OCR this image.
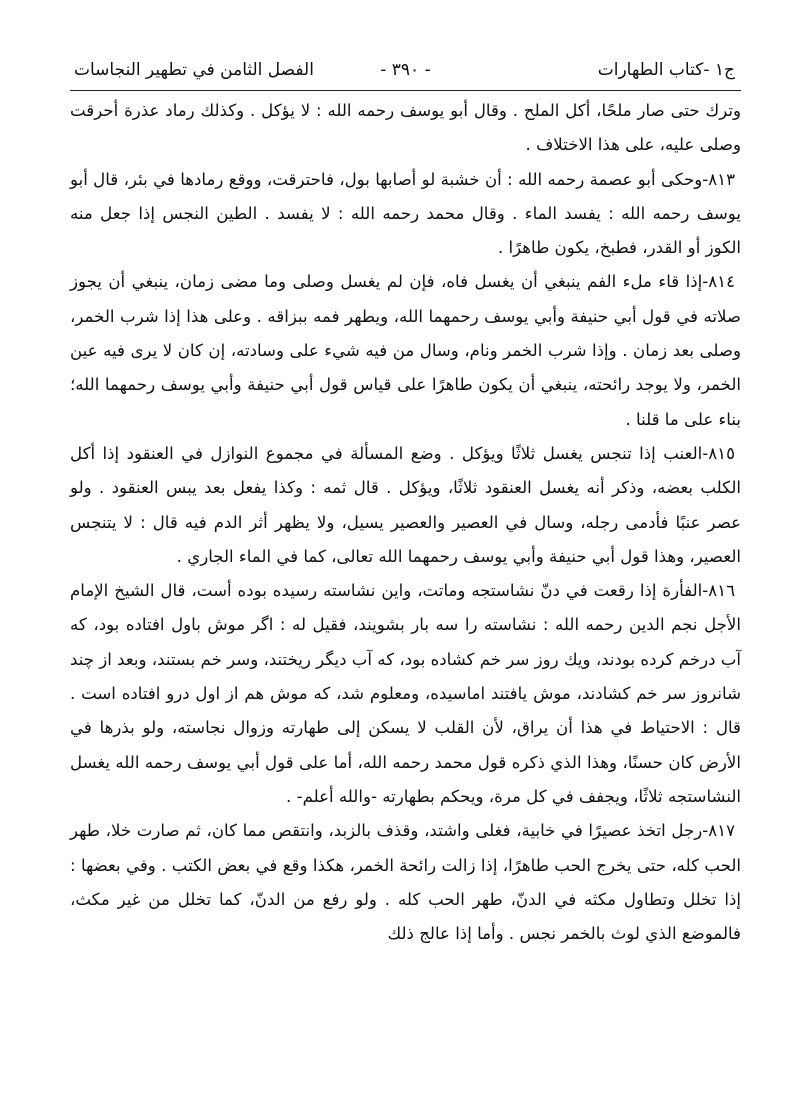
ج١ -كتاب الطهارات
- ٣٩٠ -
الفصل الثامن في تطهير النجاسات

وترك حتى صار ملحًا، أكل الملح . وقال أبو يوسف رحمه الله : لا يؤكل . وكذلك رماد عذرة أحرقت وصلى عليه، على هذا الاختلاف .

٨١٣-وحكى أبو عصمة رحمه الله : أن خشبة لو أصابها بول، فاحترقت، ووقع رمادها في بئر، قال أبو يوسف رحمه الله : يفسد الماء . وقال محمد رحمه الله : لا يفسد . الطين النجس إذا جعل منه الكوز أو القدر، فطبخ، يكون طاهرًا .

٨١٤-إذا قاء ملء الفم ينبغي أن يغسل فاه، فإن لم يغسل وصلى وما مضى زمان، ينبغي أن يجوز صلاته في قول أبي حنيفة وأبي يوسف رحمهما الله، ويطهر فمه ببزاقه . وعلى هذا إذا شرب الخمر، وصلى بعد زمان . وإذا شرب الخمر ونام، وسال من فيه شيء على وسادته، إن كان لا يرى فيه عين الخمر، ولا يوجد رائحته، ينبغي أن يكون طاهرًا على قياس قول أبي حنيفة وأبي يوسف رحمهما الله؛ بناء على ما قلنا .

٨١٥-العنب إذا تنجس يغسل ثلاثًا ويؤكل . وضع المسألة في مجموع النوازل في العنقود إذا أكل الكلب بعضه، وذكر أنه يغسل العنقود ثلاثًا، ويؤكل . قال ثمه : وكذا يفعل بعد يبس العنقود . ولو عصر عنبًا فأدمى رجله، وسال في العصير والعصير يسيل، ولا يظهر أثر الدم فيه قال : لا يتنجس العصير، وهذا قول أبي حنيفة وأبي يوسف رحمهما الله تعالى، كما في الماء الجاري .

٨١٦-الفأرة إذا رقعت في دنّ نشاستجه وماتت، واين نشاسته رسيده بوده أست، قال الشيخ الإمام الأجل نجم الدين رحمه الله : نشاسته را سه بار بشويند، فقيل له : اگر موش باول افتاده بود، كه آب درخم كرده بودند، ويك روز سر خم كشاده بود، كه آب ديگر ريختند، وسر خم بستند، وبعد از چند شانروز سر خم كشادند، موش يافتند اماسيده، ومعلوم شد، كه موش هم از اول درو افتاده است . قال : الاحتياط في هذا أن يراق، لأن القلب لا يسكن إلى طهارته وزوال نجاسته، ولو بذرها في الأرض كان حسنًا، وهذا الذي ذكره قول محمد رحمه الله، أما على قول أبي يوسف رحمه الله يغسل النشاستجه ثلاثًا، ويجفف في كل مرة، ويحكم بطهارته -والله أعلم- .

٨١٧-رجل اتخذ عصيرًا في خابية، فغلى واشتد، وقذف بالزبد، وانتقص مما كان، ثم صارت خلا، طهر الحب كله، حتى يخرج الحب طاهرًا، إذا زالت رائحة الخمر، هكذا وقع في بعض الكتب . وفي بعضها : إذا تخلل وتطاول مكثه في الدنّ، طهر الحب كله . ولو رفع من الدنّ، كما تخلل من غير مكث، فالموضع الذي لوث بالخمر نجس . وأما إذا عالج ذلك
